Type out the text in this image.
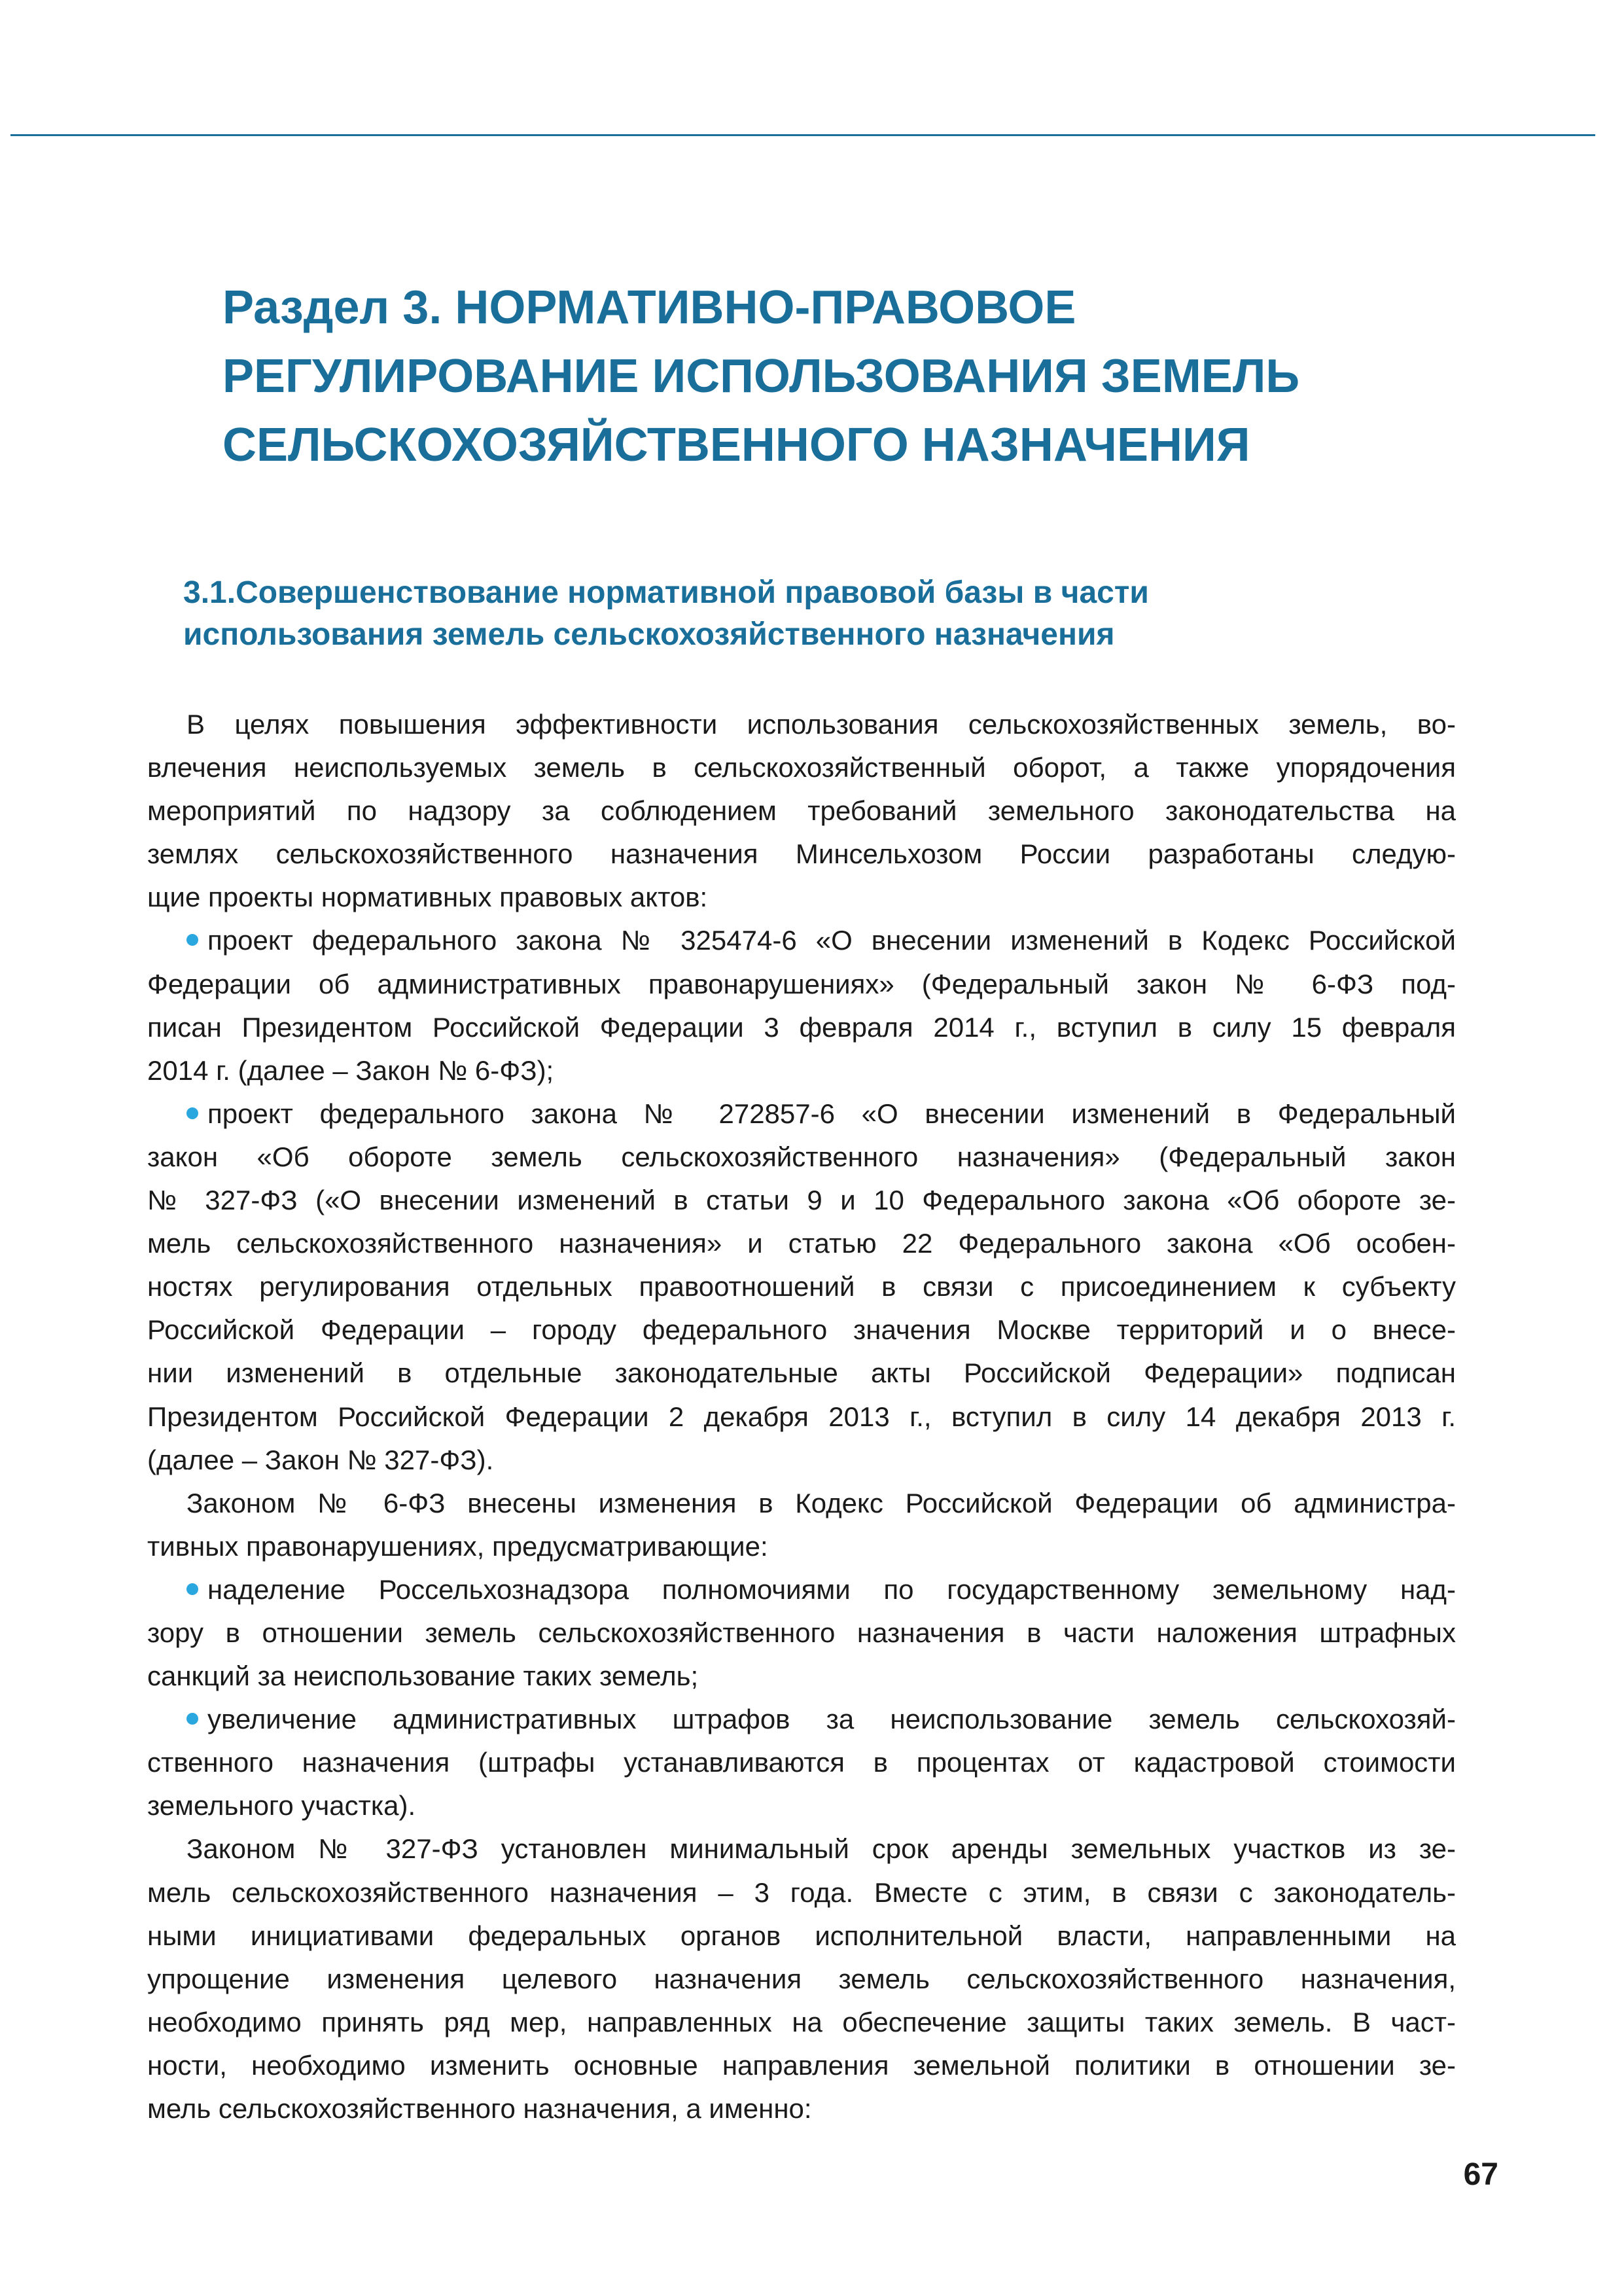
Раздел 3. НОРМАТИВНО-ПРАВОВОЕ
РЕГУЛИРОВАНИЕ ИСПОЛЬЗОВАНИЯ ЗЕМЕЛЬ
СЕЛЬСКОХОЗЯЙСТВЕННОГО НАЗНАЧЕНИЯ
3.1.Совершенствование нормативной правовой базы в части
использования земель сельскохозяйственного назначения
В целях повышения эффективности использования сельскохозяйственных земель, во-
влечения неиспользуемых земель в сельскохозяйственный оборот, а также упорядочения
мероприятий по надзору за соблюдением требований земельного законодательства на
землях сельскохозяйственного назначения Минсельхозом России разработаны следую-
щие проекты нормативных правовых актов:
проект федерального закона № 325474-6 «О внесении изменений в Кодекс Российской
Федерации об административных правонарушениях» (Федеральный закон № 6-ФЗ под-
писан Президентом Российской Федерации 3 февраля 2014 г., вступил в силу 15 февраля
2014 г. (далее – Закон № 6-ФЗ);
проект федерального закона № 272857-6 «О внесении изменений в Федеральный
закон «Об обороте земель сельскохозяйственного назначения» (Федеральный закон
№ 327-ФЗ («О внесении изменений в статьи 9 и 10 Федерального закона «Об обороте зе-
мель сельскохозяйственного назначения» и статью 22 Федерального закона «Об особен-
ностях регулирования отдельных правоотношений в связи с присоединением к субъекту
Российской Федерации – городу федерального значения Москве территорий и о внесе-
нии изменений в отдельные законодательные акты Российской Федерации» подписан
Президентом Российской Федерации 2 декабря 2013 г., вступил в силу 14 декабря 2013 г.
(далее – Закон № 327-ФЗ).
Законом № 6-ФЗ внесены изменения в Кодекс Российской Федерации об администра-
тивных правонарушениях, предусматривающие:
наделение Россельхознадзора полномочиями по государственному земельному над-
зору в отношении земель сельскохозяйственного назначения в части наложения штрафных
санкций за неиспользование таких земель;
увеличение административных штрафов за неиспользование земель сельскохозяй-
ственного назначения (штрафы устанавливаются в процентах от кадастровой стоимости
земельного участка).
Законом № 327-ФЗ установлен минимальный срок аренды земельных участков из зе-
мель сельскохозяйственного назначения – 3 года. Вместе с этим, в связи с законодатель-
ными инициативами федеральных органов исполнительной власти, направленными на
упрощение изменения целевого назначения земель сельскохозяйственного назначения,
необходимо принять ряд мер, направленных на обеспечение защиты таких земель. В част-
ности, необходимо изменить основные направления земельной политики в отношении зе-
мель сельскохозяйственного назначения, а именно:
67
